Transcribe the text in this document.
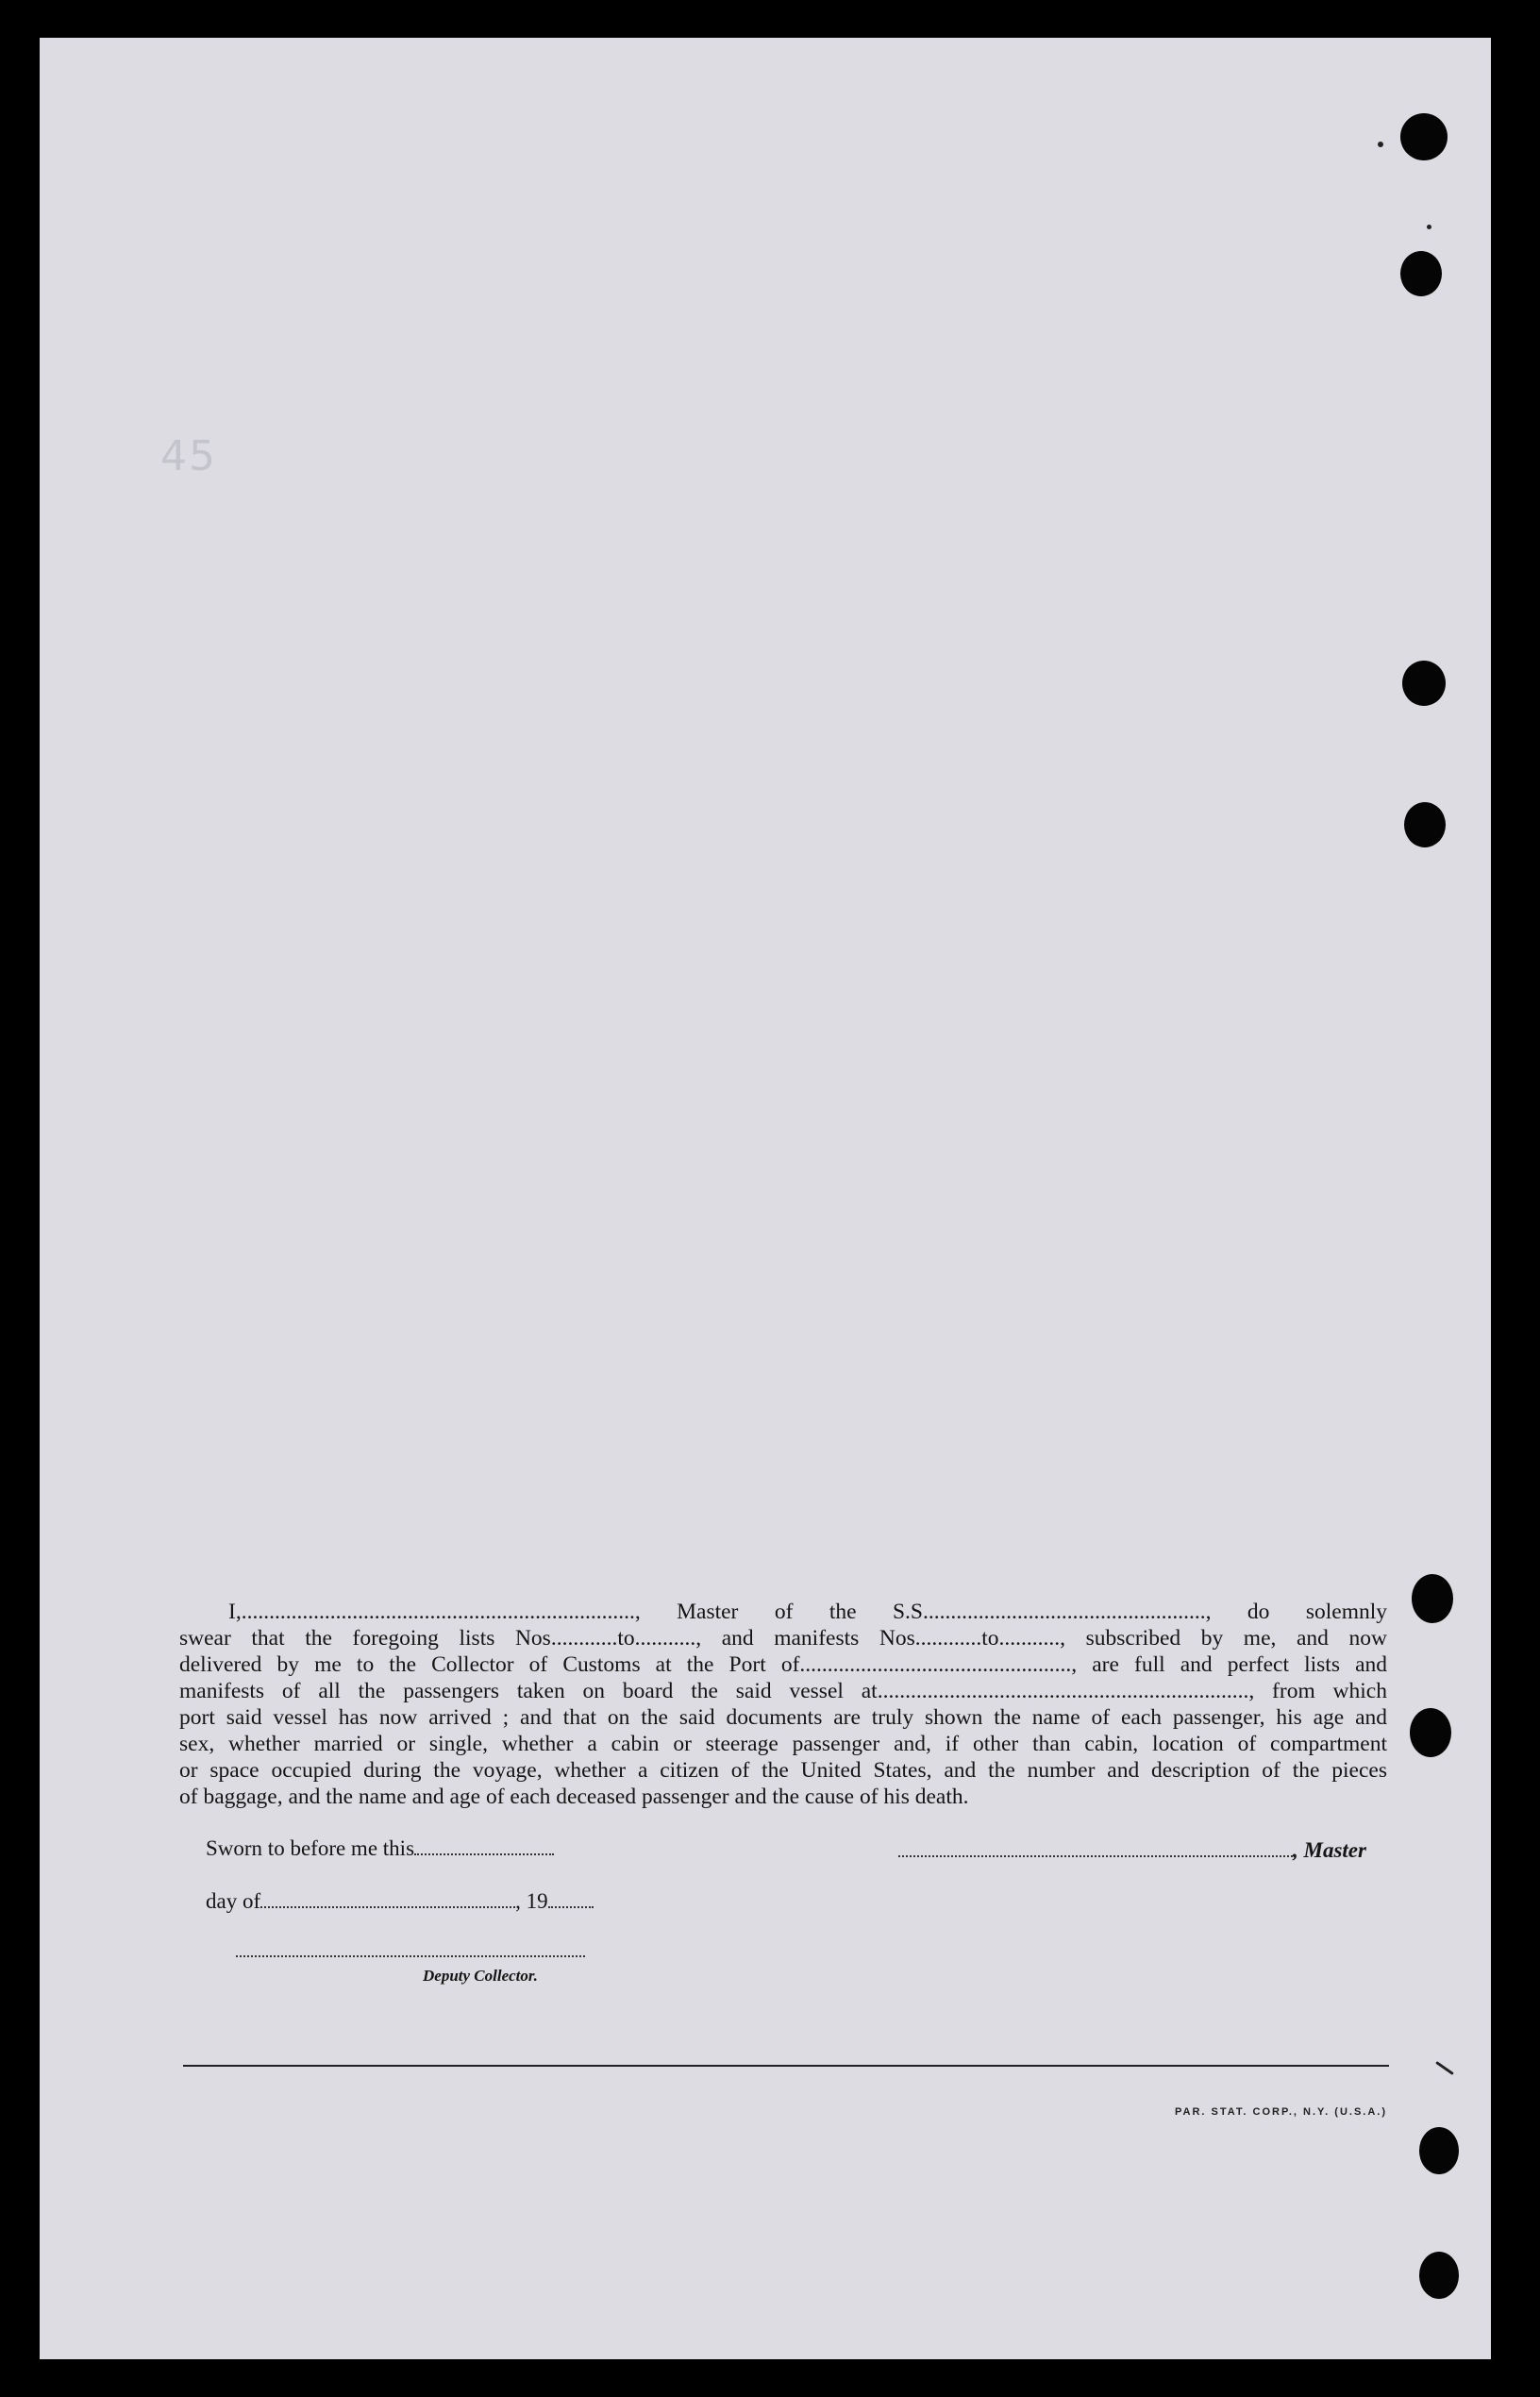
45

I,......................................................................., Master of the S.S..................................................., do solemnly

swear that the foregoing lists Nos............to..........., and manifests Nos............to..........., subscribed by me, and now

delivered by me to the Collector of Customs at the Port of................................................., are full and perfect lists and

manifests of all the passengers taken on board the said vessel at..................................................................., from which

port said vessel has now arrived ; and that on the said documents are truly shown the name of each passenger, his age and

sex, whether married or single, whether a cabin or steerage passenger and, if other than cabin, location of compartment

or space occupied during the voyage, whether a citizen of the United States, and the number and description of the pieces

of baggage, and the name and age of each deceased passenger and the cause of his death.

Sworn to before me this	, Master
day of	, 19
Deputy Collector.
PAR. STAT. CORP., N.Y. (U.S.A.)
